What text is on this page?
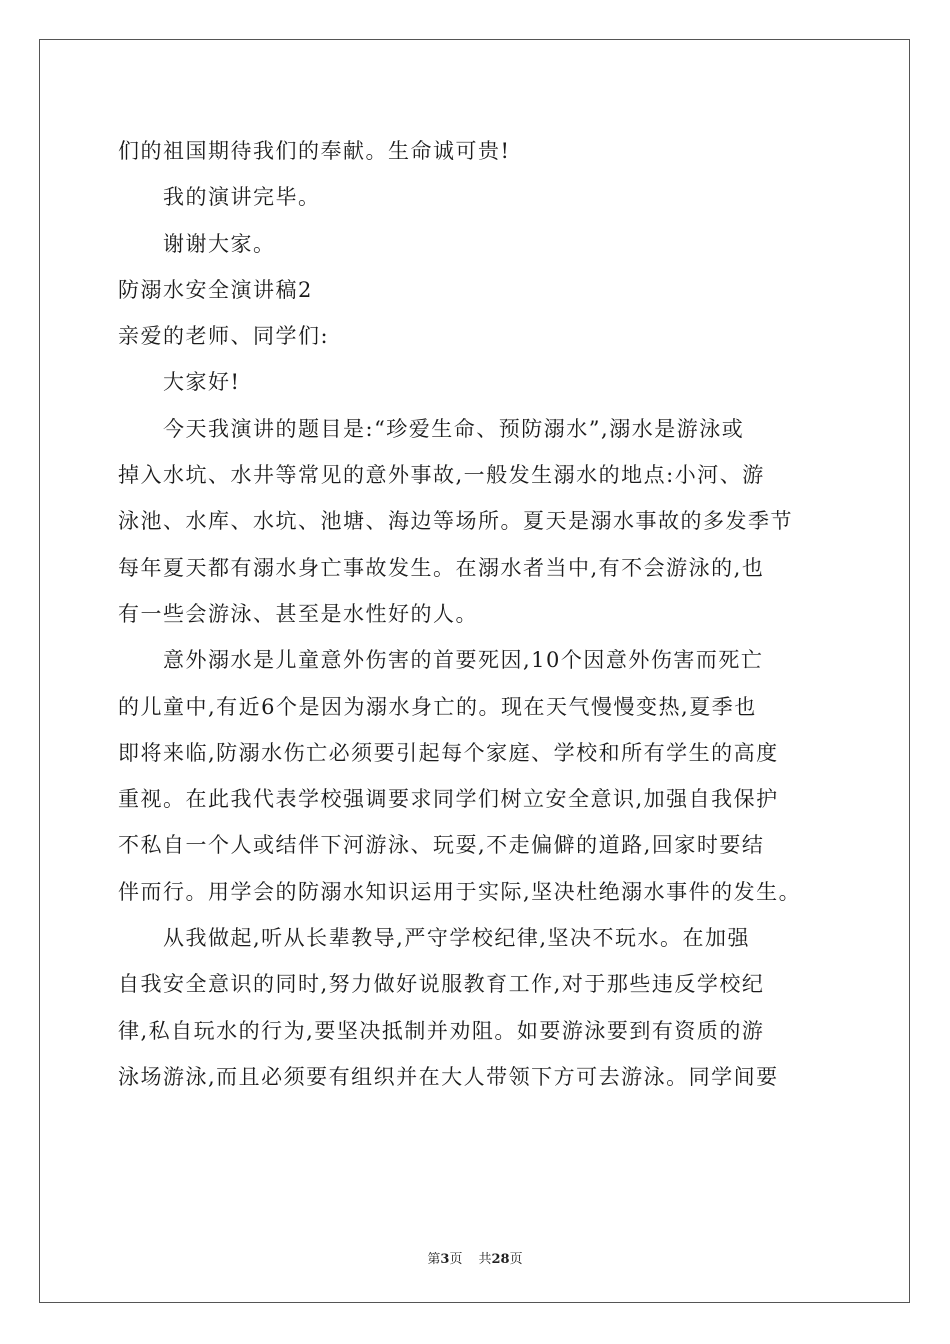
们的祖国期待我们的奉献。生命诚可贵!
我的演讲完毕。
谢谢大家。
防溺水安全演讲稿2
亲爱的老师、同学们:
大家好!
今天我演讲的题目是:“珍爱生命、预防溺水”,溺水是游泳或
掉入水坑、水井等常见的意外事故,一般发生溺水的地点:小河、游
泳池、水库、水坑、池塘、海边等场所。夏天是溺水事故的多发季节
每年夏天都有溺水身亡事故发生。在溺水者当中,有不会游泳的,也
有一些会游泳、甚至是水性好的人。
意外溺水是儿童意外伤害的首要死因,10个因意外伤害而死亡
的儿童中,有近6个是因为溺水身亡的。现在天气慢慢变热,夏季也
即将来临,防溺水伤亡必须要引起每个家庭、学校和所有学生的高度
重视。在此我代表学校强调要求同学们树立安全意识,加强自我保护
不私自一个人或结伴下河游泳、玩耍,不走偏僻的道路,回家时要结
伴而行。用学会的防溺水知识运用于实际,坚决杜绝溺水事件的发生。
从我做起,听从长辈教导,严守学校纪律,坚决不玩水。在加强
自我安全意识的同时,努力做好说服教育工作,对于那些违反学校纪
律,私自玩水的行为,要坚决抵制并劝阻。如要游泳要到有资质的游
泳场游泳,而且必须要有组织并在大人带领下方可去游泳。同学间要
第3页 共28页
